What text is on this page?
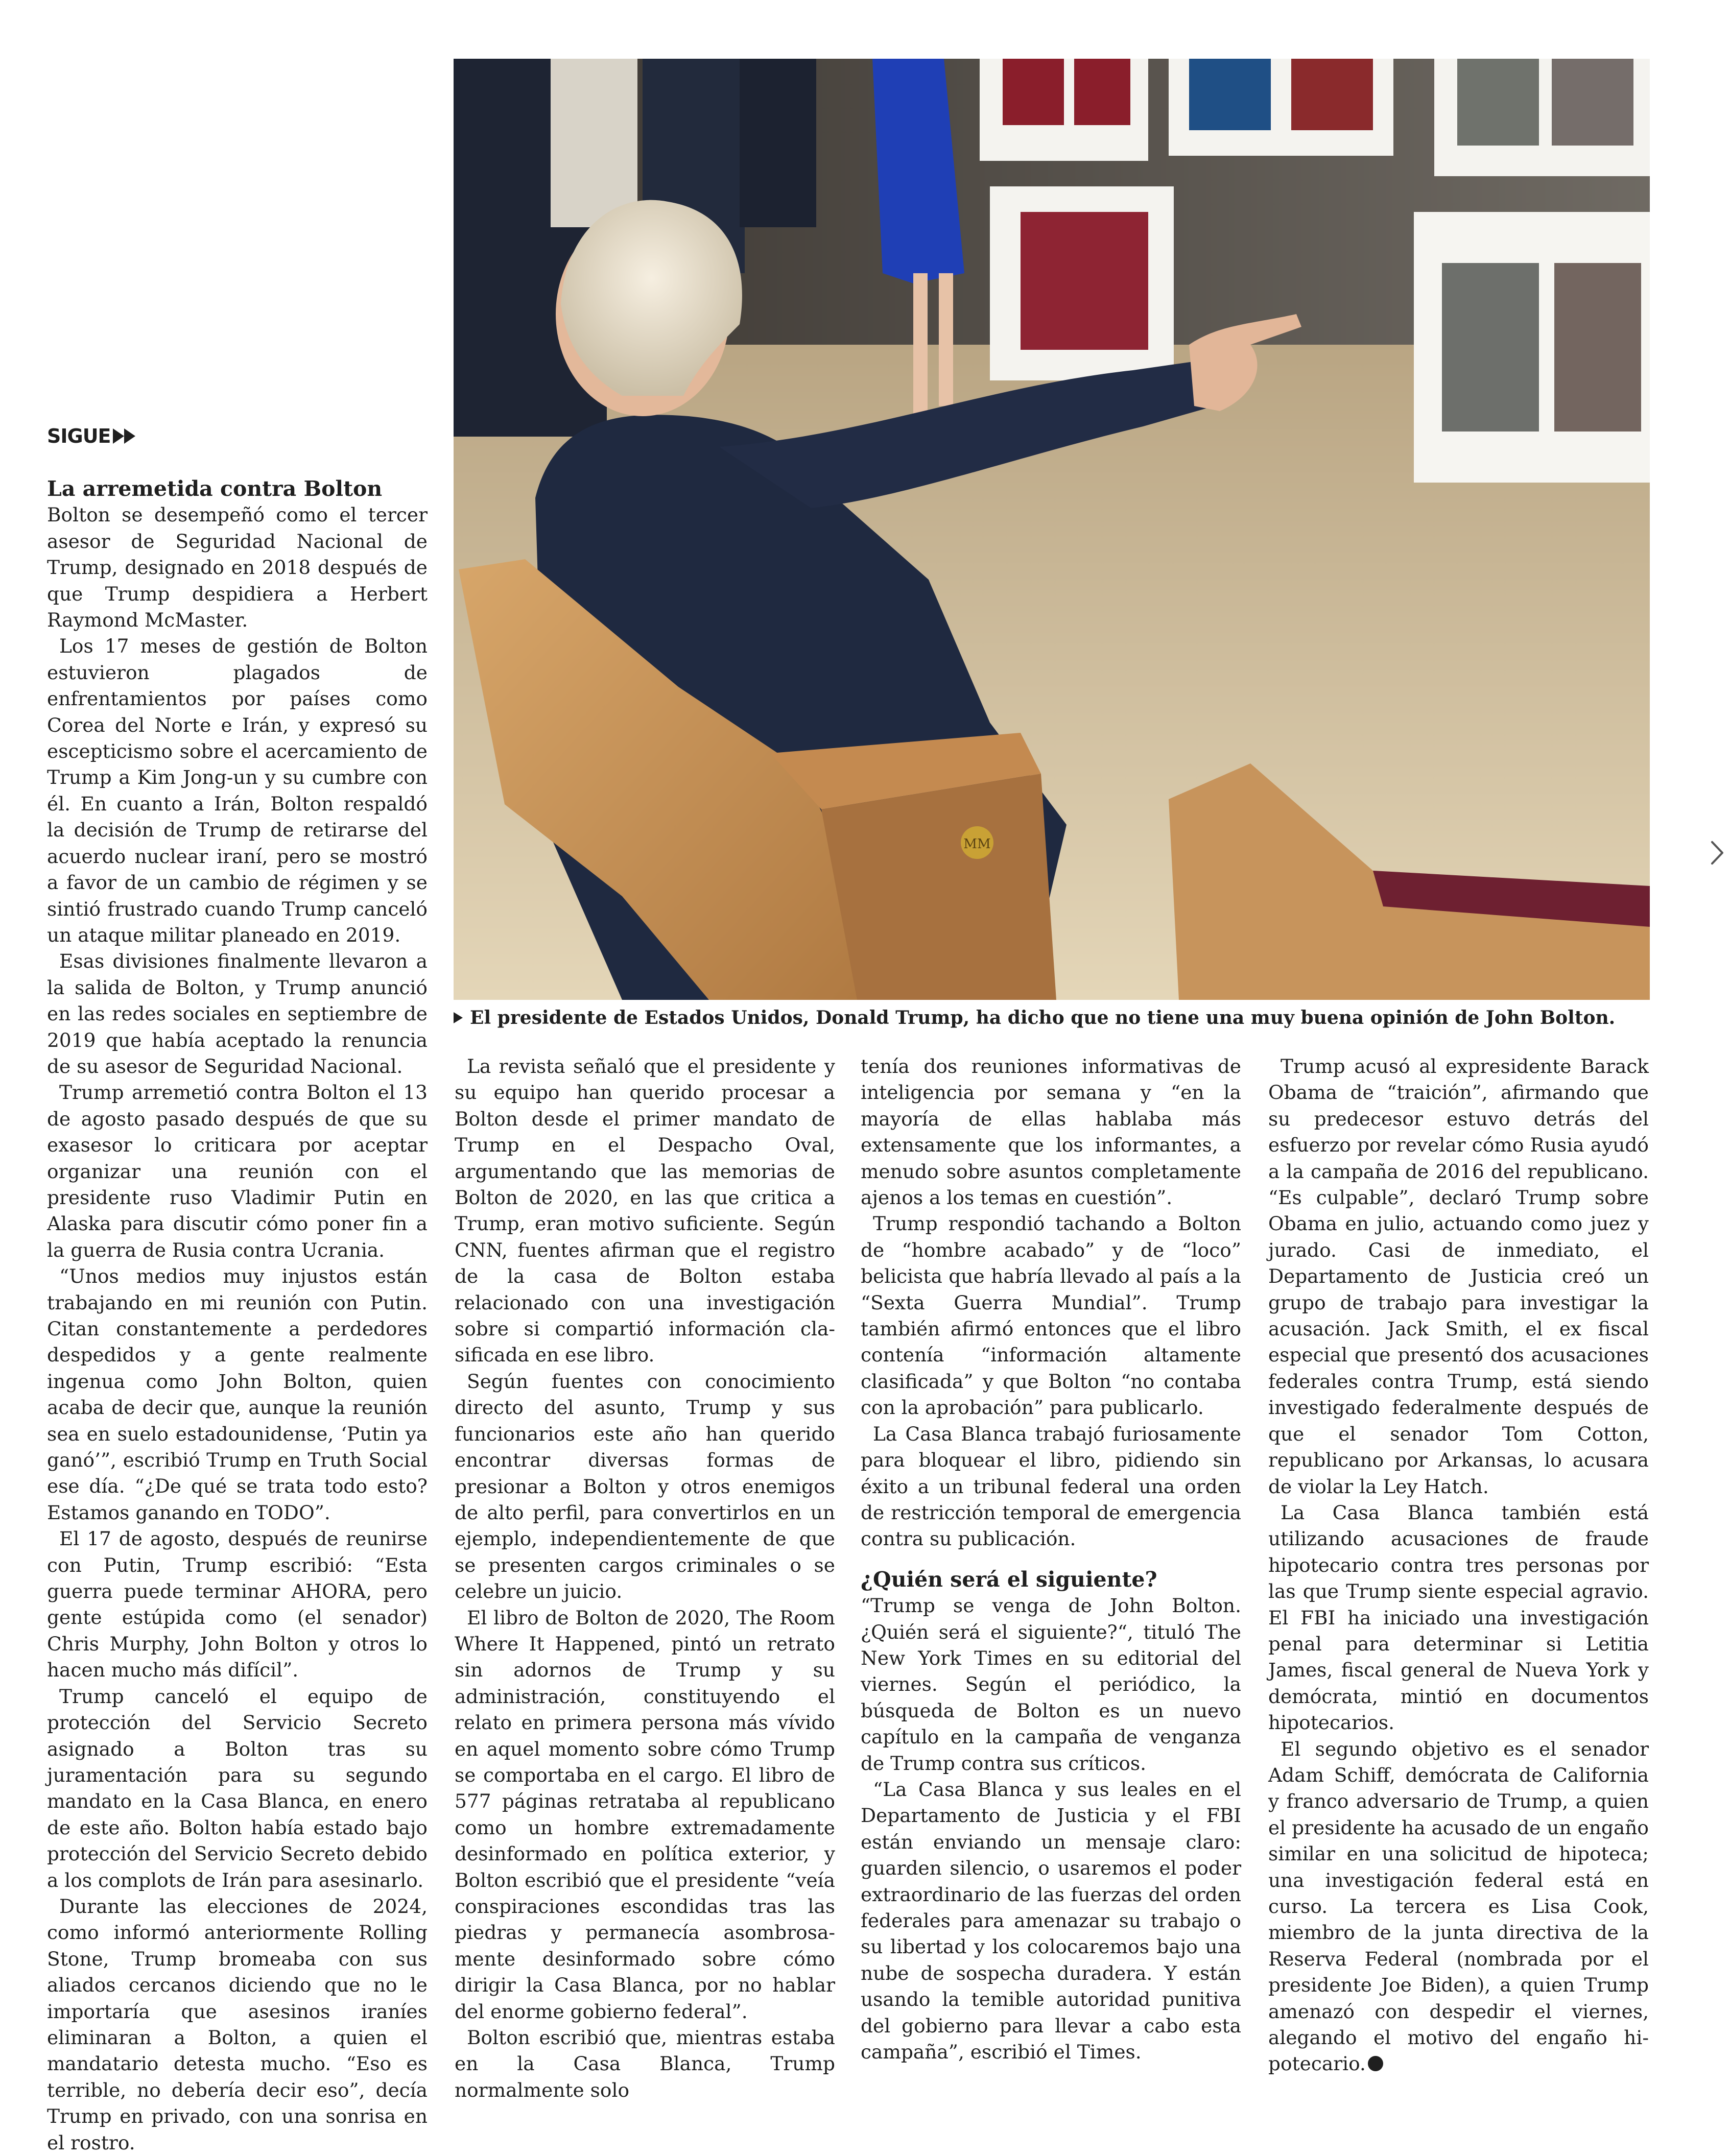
SIGUE

La arremetida contra Bolton

Bolton se desempeñó como el tercer asesor de Seguridad Nacional de Trump, designado en 2018 después de que Trump despidiera a Herbert Raymond McMaster.

Los 17 meses de gestión de Bolton estuvieron plagados de enfrentamientos por países como Corea del Norte e Irán, y expresó su escepticismo sobre el acercamiento de Trump a Kim Jong-un y su cumbre con él. En cuanto a Irán, Bolton respaldó la decisión de Trump de retirarse del acuerdo nuclear iraní, pero se mostró a favor de un cambio de régimen y se sintió frustrado cuando Trump canceló un ataque militar planeado en 2019.

Esas divisiones finalmente llevaron a la salida de Bolton, y Trump anunció en las redes sociales en septiembre de 2019 que había aceptado la renuncia de su asesor de Seguridad Nacional.

Trump arremetió contra Bolton el 13 de agosto pasado después de que su exasesor lo criticara por aceptar organizar una reunión con el presidente ruso Vladimir Putin en Alaska para discutir cómo poner fin a la guerra de Rusia contra Ucrania.

“Unos medios muy injustos están trabajando en mi reunión con Putin. Citan constantemente a perdedores despedidos y a gente realmente ingenua como John Bolton, quien acaba de decir que, aunque la reunión sea en suelo estadounidense, ‘Putin ya ganó’”, escribió Trump en Truth Social ese día. “¿De qué se trata todo esto? Estamos ganando en TODO”.

El 17 de agosto, después de reunirse con Putin, Trump escribió: “Esta guerra puede terminar AHORA, pero gente estúpida como (el senador) Chris Murphy, John Bolton y otros lo hacen mucho más difícil”.

Trump canceló el equipo de protección del Servicio Secreto asignado a Bolton tras su juramentación para su segundo mandato en la Casa Blanca, en enero de este año. Bolton había estado bajo protección del Servicio Secreto debido a los complots de Irán para asesinarlo.

Durante las elecciones de 2024, como informó anteriormente Rolling Stone, Trump bromeaba con sus aliados cercanos diciendo que no le importaría que asesinos iraníes eliminaran a Bolton, a quien el mandatario detesta mucho. “Eso es terrible, no debería decir eso”, decía Trump en privado, con una sonrisa en el rostro.

MM
El presidente de Estados Unidos, Donald Trump, ha dicho que no tiene una muy buena opinión de John Bolton.

La revista señaló que el presidente y su equipo han querido procesar a Bolton desde el primer mandato de Trump en el Despacho Oval, argumentando que las memorias de Bolton de 2020, en las que critica a Trump, eran motivo suficiente. Según CNN, fuentes afirman que el registro de la casa de Bolton estaba relacionado con una investigación sobre si compartió información clasificada en ese libro.

Según fuentes con conocimiento directo del asunto, Trump y sus funcionarios este año han querido encontrar diversas formas de presionar a Bolton y otros enemigos de alto perfil, para convertirlos en un ejemplo, independientemente de que se presenten cargos criminales o se celebre un juicio.

El libro de Bolton de 2020, The Room Where It Happened, pintó un retrato sin adornos de Trump y su administración, constituyendo el relato en primera persona más vívido en aquel momento sobre cómo Trump se comportaba en el cargo. El libro de 577 páginas retrataba al republicano como un hombre extremadamente desinformado en política exterior, y Bolton escribió que el presidente “veía conspiraciones escondidas tras las piedras y permanecía asombrosamente desinformado sobre cómo dirigir la Casa Blanca, por no hablar del enorme gobierno federal”.

Bolton escribió que, mientras estaba en la Casa Blanca, Trump normalmente solo

tenía dos reuniones informativas de inteligencia por semana y “en la mayoría de ellas hablaba más extensamente que los informantes, a menudo sobre asuntos completamente ajenos a los temas en cuestión”.

Trump respondió tachando a Bolton de “hombre acabado” y de “loco” belicista que habría llevado al país a la “Sexta Guerra Mundial”. Trump también afirmó entonces que el libro contenía “información altamente clasificada” y que Bolton “no contaba con la aprobación” para publicarlo.

La Casa Blanca trabajó furiosamente para bloquear el libro, pidiendo sin éxito a un tribunal federal una orden de restricción temporal de emergencia contra su publicación.

¿Quién será el siguiente?

“Trump se venga de John Bolton. ¿Quién será el siguiente?“, tituló The New York Times en su editorial del viernes. Según el periódico, la búsqueda de Bolton es un nuevo capítulo en la campaña de venganza de Trump contra sus críticos.

“La Casa Blanca y sus leales en el Departamento de Justicia y el FBI están enviando un mensaje claro: guarden silencio, o usaremos el poder extraordinario de las fuerzas del orden federales para amenazar su trabajo o su libertad y los colocaremos bajo una nube de sospecha duradera. Y están usando la temible autoridad punitiva del gobierno para llevar a cabo esta campaña”, escribió el Times.

Trump acusó al expresidente Barack Obama de “traición”, afirmando que su predecesor estuvo detrás del esfuerzo por revelar cómo Rusia ayudó a la campaña de 2016 del republicano. “Es culpable”, declaró Trump sobre Obama en julio, actuando como juez y jurado. Casi de inmediato, el Departamento de Justicia creó un grupo de trabajo para investigar la acusación. Jack Smith, el ex fiscal especial que presentó dos acusaciones federales contra Trump, está siendo investigado federalmente después de que el senador Tom Cotton, republicano por Arkansas, lo acusara de violar la Ley Hatch.

La Casa Blanca también está utilizando acusaciones de fraude hipotecario contra tres personas por las que Trump siente especial agravio. El FBI ha iniciado una investigación penal para determinar si Letitia James, fiscal general de Nueva York y demócrata, mintió en documentos hipotecarios.

El segundo objetivo es el senador Adam Schiff, demócrata de California y franco adversario de Trump, a quien el presidente ha acusado de un engaño similar en una solicitud de hipoteca; una investigación federal está en curso. La tercera es Lisa Cook, miembro de la junta directiva de la Reserva Federal (nombrada por el presidente Joe Biden), a quien Trump amenazó con despedir el viernes, alegando el motivo del engaño hipotecario.
